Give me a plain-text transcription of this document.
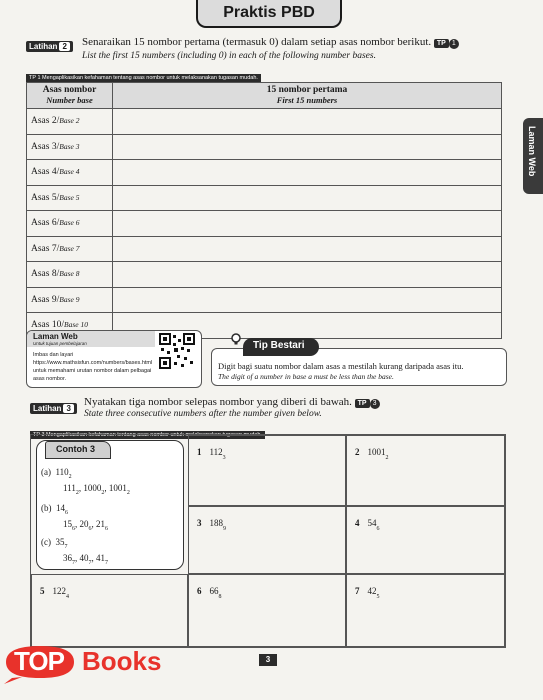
Praktis PBD
Latihan 2	Senaraikan 15 nombor pertama (termasuk 0) dalam setiap asas nombor berikut. TP 1
List the first 15 numbers (including 0) in each of the following number bases.
TP 1 Mengaplikasikan kefahaman tentang asas nombor untuk melaksanakan tugasan mudah.
Asas nombor
Number base	15 nombor pertama
First 15 numbers
Asas 2/Base 2	
Asas 3/Base 3	
Asas 4/Base 4	
Asas 5/Base 5	
Asas 6/Base 6	
Asas 7/Base 7	
Asas 8/Base 8	
Asas 9/Base 9	
Asas 10/Base 10	
Laman Web
Laman Web
Untuk tujuan pembelajaran
Imbas dan layari https://www.mathsisfun.com/numbers/bases.html untuk memahami urutan nombor dalam pelbagai asas nombor.
Digit bagi suatu nombor dalam asas a mestilah kurang daripada asas itu.
The digit of a number in base a must be less than the base.
Tip Bestari
Latihan 3
Nyatakan tiga nombor selepas nombor yang diberi di bawah. TP 3
State three consecutive numbers after the number given below.
TP 3 Mengaplikasikan kefahaman tentang asas nombor untuk melaksanakan tugasan mudah.
1 $112_3$
2 $1001_2$
3 $188_9$
4 $54_6$
5 $122_4$
6 $66_8$
7 $42_5$
(a) $110_2$
$111_2$, $1000_2$, $1001_2$
(b) $14_6$
$15_6$, $20_6$, $21_6$
(c) $35_7$
$36_7$, $40_7$, $41_7$
Contoh 3
TOP Books	3
